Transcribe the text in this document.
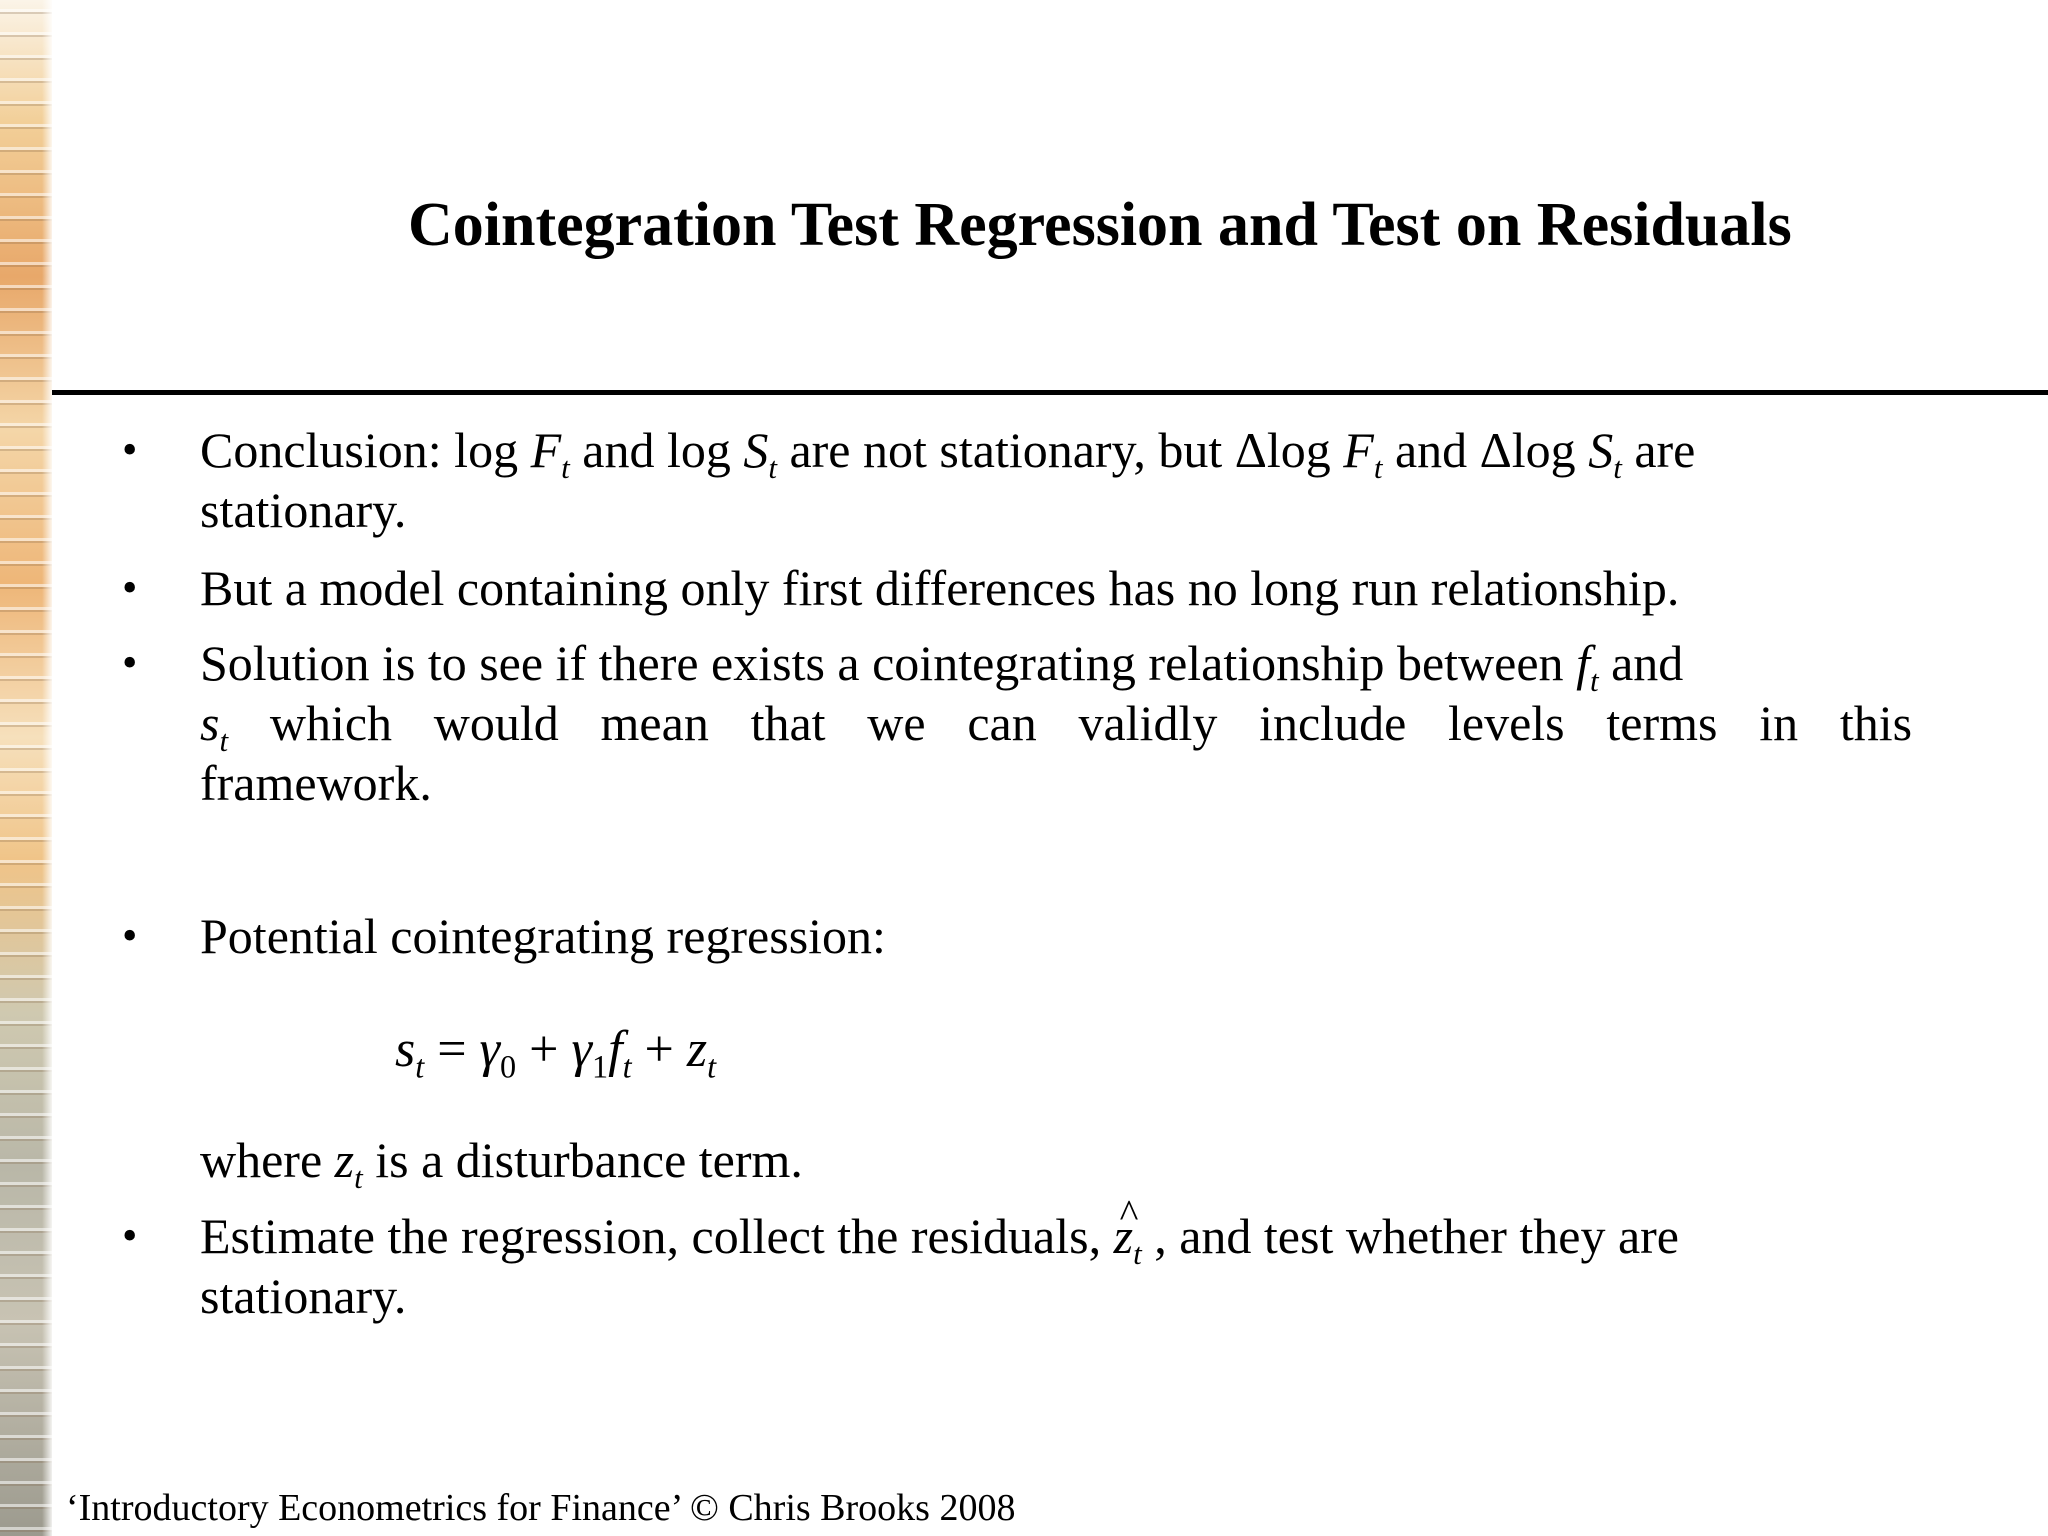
Cointegration Test Regression and Test on Residuals
• Conclusion: $\log F_t$ and $\log S_t$ are not stationary, but Δlog $F_t$ and Δlog $S_t$ are
stationary.
• But a model containing only first differences has no long run relationship.
• Solution is to see if there exists a cointegrating relationship between $f_t$ and

$s_t$ which would mean that we can validly include levels terms in this
framework.
• Potential cointegrating regression:
$s_t = \gamma_0 + \gamma_1f_t + z_t$
where $z_t$ is a disturbance term.
• Estimate the regression, collect the residuals, ^ $z_t$ , and test whether they are
stationary.
‘Introductory Econometrics for Finance’ © Chris Brooks 2008
